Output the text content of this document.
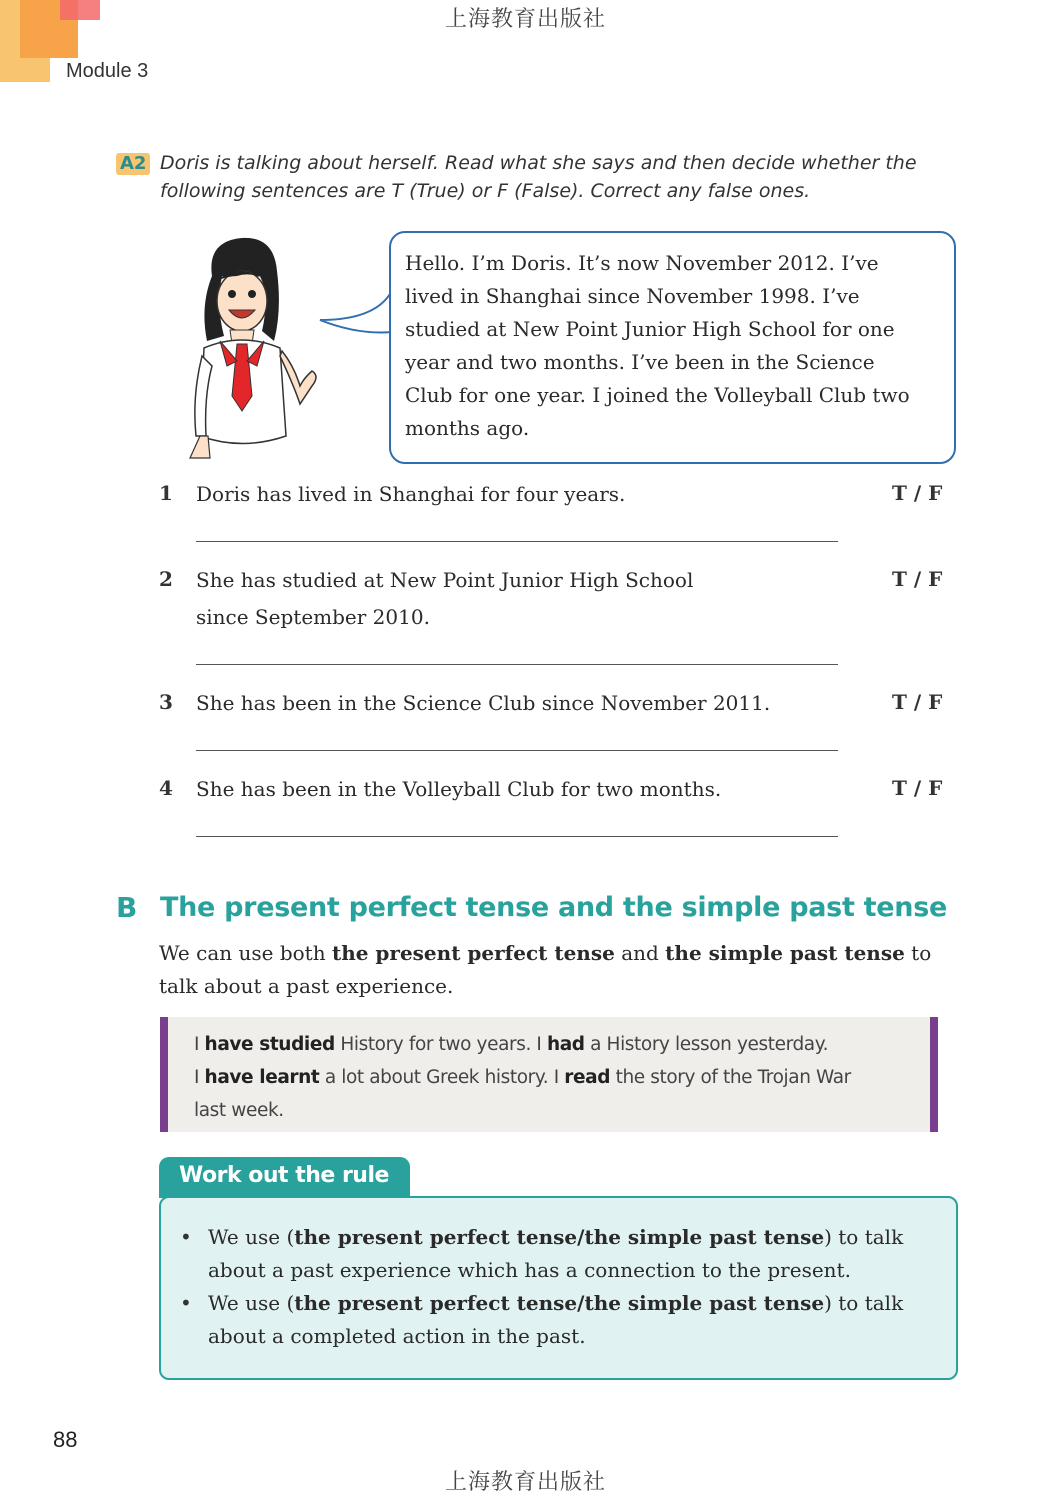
上海教育出版社
Module 3
A2 Doris is talking about herself. Read what she says and then decide whether the
following sentences are T (True) or F (False). Correct any false ones.
Hello. I’m Doris. It’s now November 2012. I’ve
lived in Shanghai since November 1998. I’ve
studied at New Point Junior High School for one
year and two months. I’ve been in the Science
Club for one year. I joined the Volleyball Club two
months ago.
1 Doris has lived in Shanghai for four years.	T / F
2 She has studied at New Point Junior High School
since September 2010.
T / F
3 She has been in the Science Club since November 2011.	T / F
4 She has been in the Volleyball Club for two months.	T / F
B The present perfect tense and the simple past tense
We can use both the present perfect tense and the simple past tense to
talk about a past experience.
I have studied History for two years. I had a History lesson yesterday.
I have learnt a lot about Greek history. I read the story of the Trojan War
last week.
Work out the rule
• We use (the present perfect tense/the simple past tense) to talk
about a past experience which has a connection to the present.
• We use (the present perfect tense/the simple past tense) to talk
about a completed action in the past.
88
上海教育出版社
